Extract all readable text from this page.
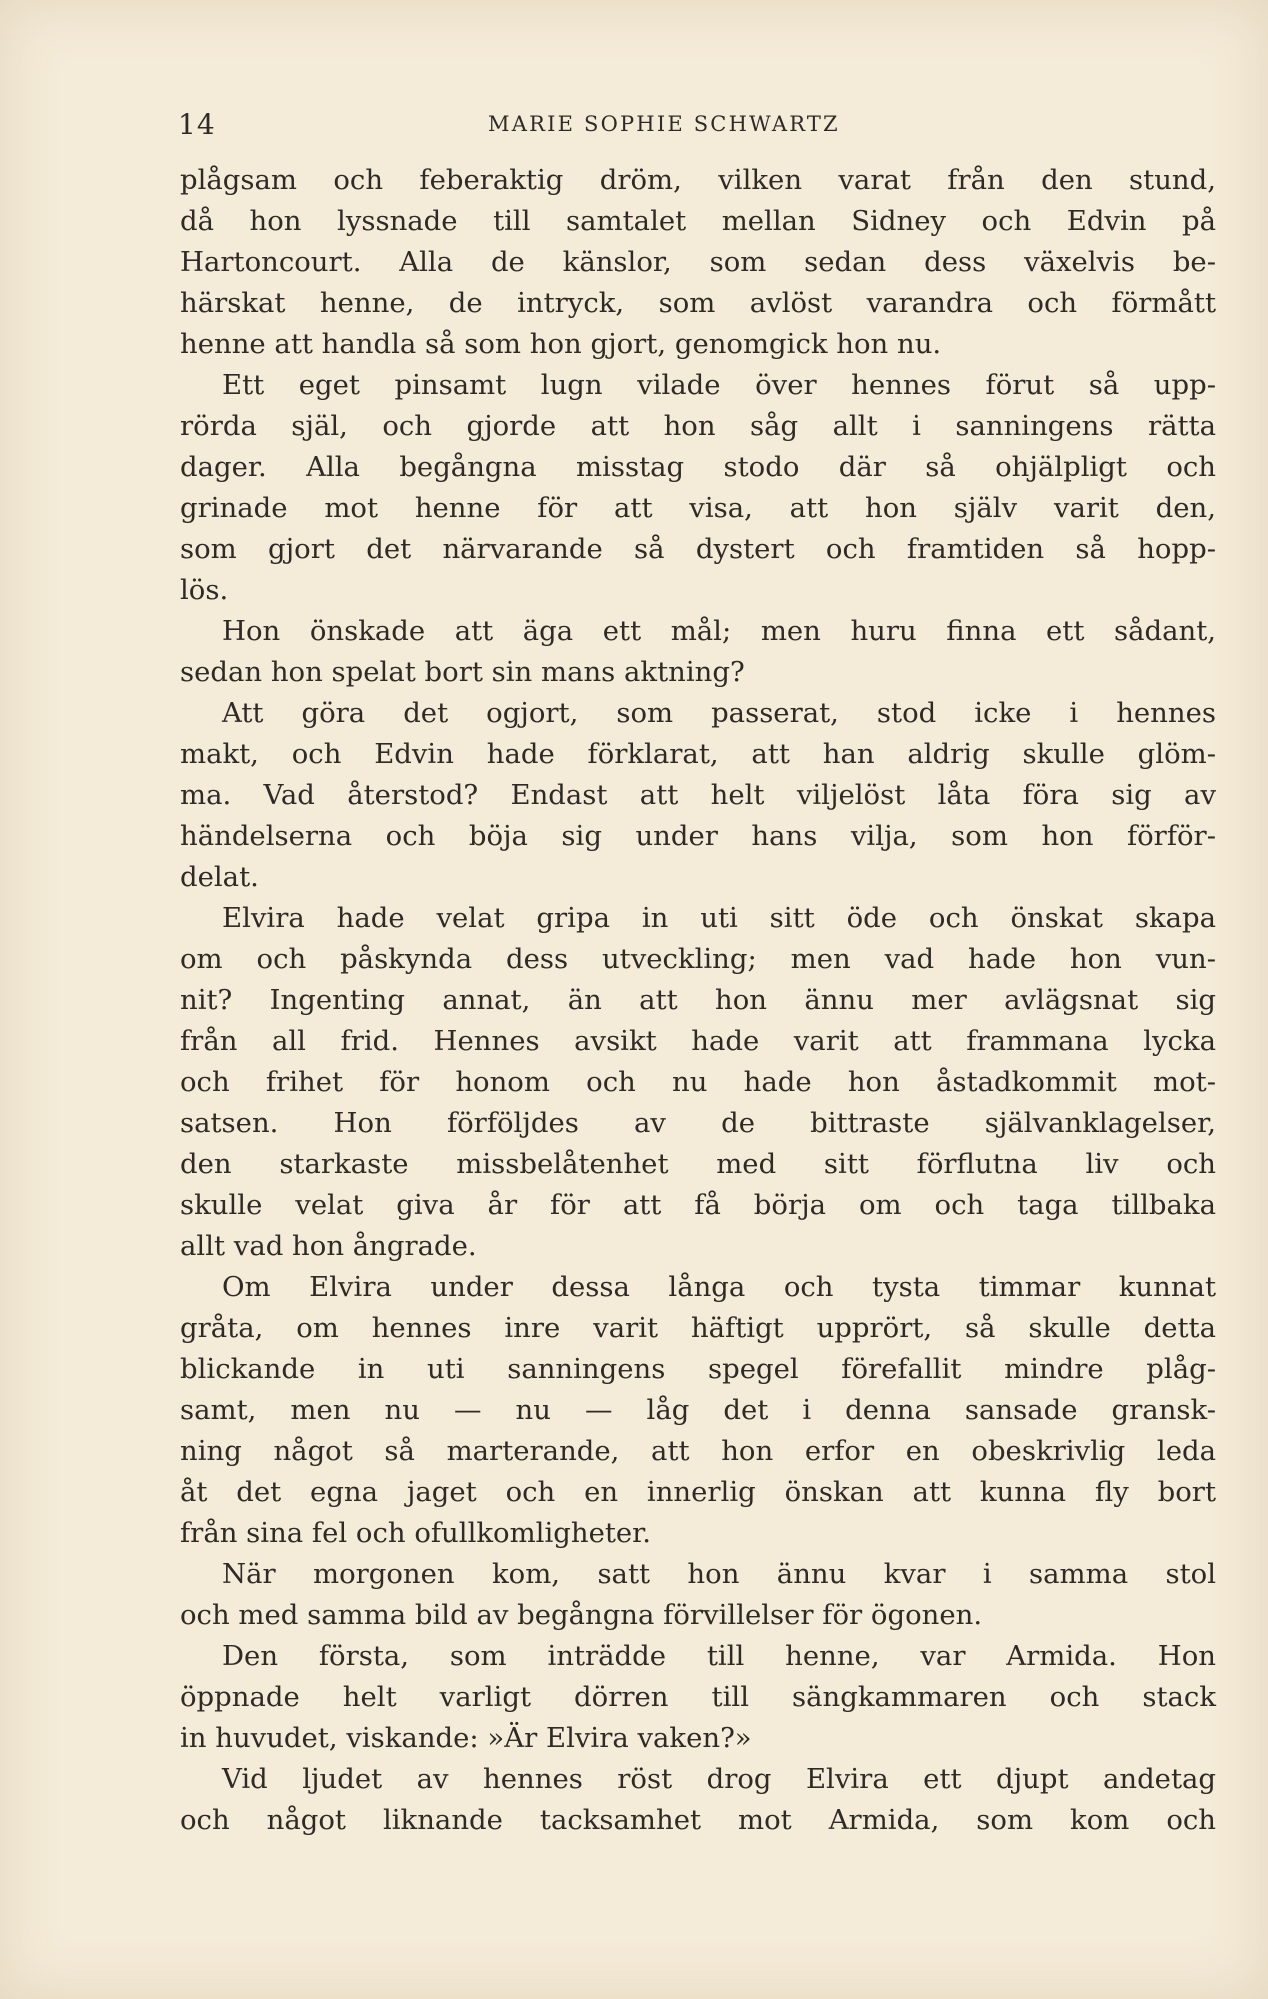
14	MARIE SOPHIE SCHWARTZ
plågsam och feberaktig dröm, vilken varat från den stund,
då hon lyssnade till samtalet mellan Sidney och Edvin på
Hartoncourt. Alla de känslor, som sedan dess växelvis be-
härskat henne, de intryck, som avlöst varandra och förmått
henne att handla så som hon gjort, genomgick hon nu.
Ett eget pinsamt lugn vilade över hennes förut så upp-
rörda själ, och gjorde att hon såg allt i sanningens rätta
dager. Alla begångna misstag stodo där så ohjälpligt och
grinade mot henne för att visa, att hon själv varit den,
som gjort det närvarande så dystert och framtiden så hopp-
lös.
Hon önskade att äga ett mål; men huru finna ett sådant,
sedan hon spelat bort sin mans aktning?
Att göra det ogjort, som passerat, stod icke i hennes
makt, och Edvin hade förklarat, att han aldrig skulle glöm-
ma. Vad återstod? Endast att helt viljelöst låta föra sig av
händelserna och böja sig under hans vilja, som hon förför-
delat.
Elvira hade velat gripa in uti sitt öde och önskat skapa
om och påskynda dess utveckling; men vad hade hon vun-
nit? Ingenting annat, än att hon ännu mer avlägsnat sig
från all frid. Hennes avsikt hade varit att frammana lycka
och frihet för honom och nu hade hon åstadkommit mot-
satsen. Hon förföljdes av de bittraste självanklagelser,
den starkaste missbelåtenhet med sitt förflutna liv och
skulle velat giva år för att få börja om och taga tillbaka
allt vad hon ångrade.
Om Elvira under dessa långa och tysta timmar kunnat
gråta, om hennes inre varit häftigt upprört, så skulle detta
blickande in uti sanningens spegel förefallit mindre plåg-
samt, men nu — nu — låg det i denna sansade gransk-
ning något så marterande, att hon erfor en obeskrivlig leda
åt det egna jaget och en innerlig önskan att kunna fly bort
från sina fel och ofullkomligheter.
När morgonen kom, satt hon ännu kvar i samma stol
och med samma bild av begångna förvillelser för ögonen.
Den första, som inträdde till henne, var Armida. Hon
öppnade helt varligt dörren till sängkammaren och stack
in huvudet, viskande: »Är Elvira vaken?»
Vid ljudet av hennes röst drog Elvira ett djupt andetag
och något liknande tacksamhet mot Armida, som kom och
